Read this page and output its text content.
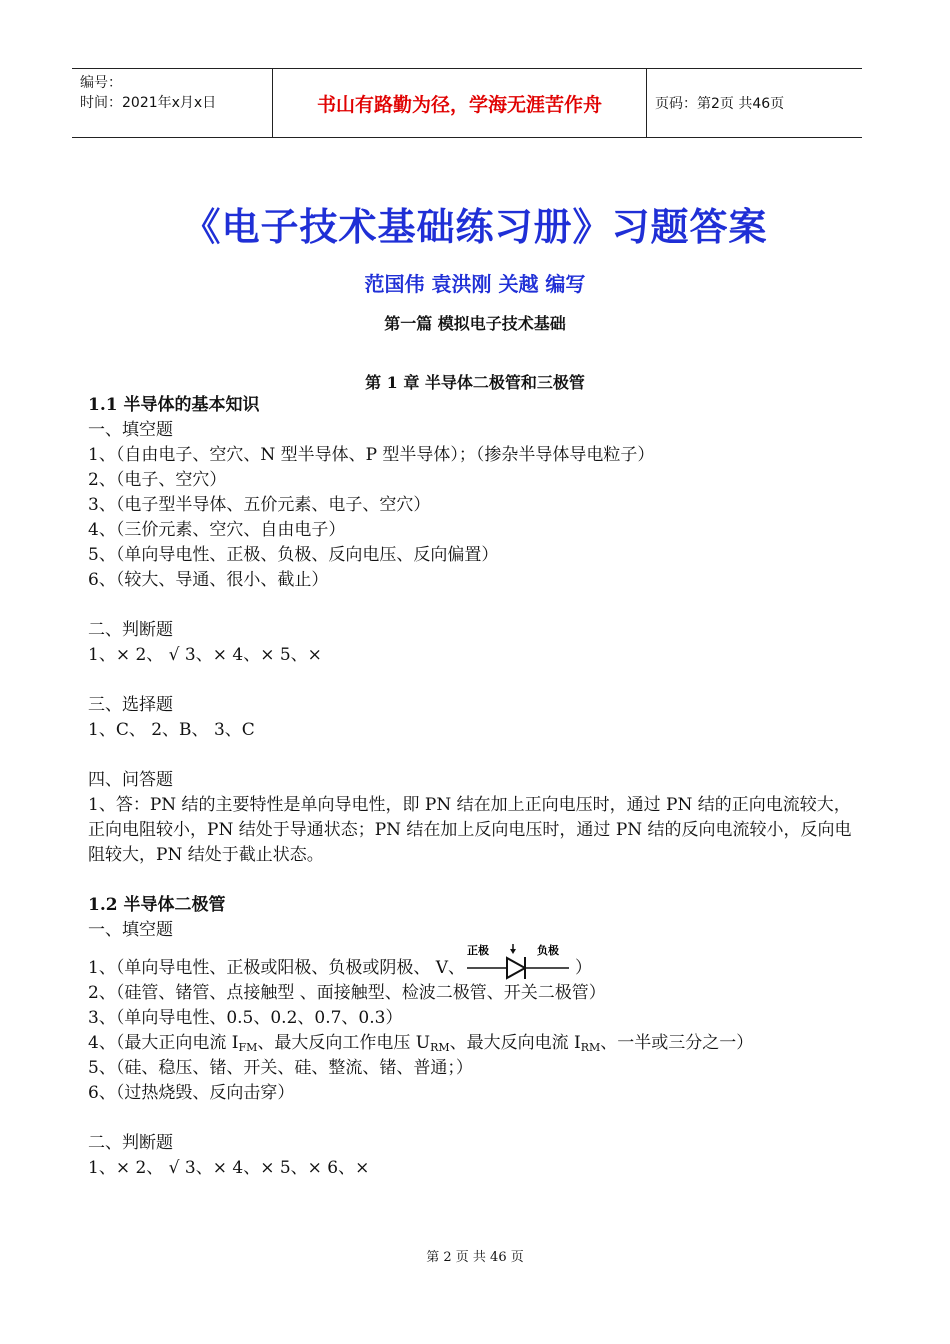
编号：
时间：2021年x月x日	书山有路勤为径，学海无涯苦作舟	页码：第2页 共46页
《电子技术基础练习册》习题答案
范国伟 袁洪刚 关越 编写
第一篇 模拟电子技术基础
第 1 章 半导体二极管和三极管
1.1 半导体的基本知识
一、填空题
1、（自由电子、空穴、N 型半导体、P 型半导体）；（掺杂半导体导电粒子）
2、（电子、空穴）
3、（电子型半导体、五价元素、电子、空穴）
4、（三价元素、空穴、自由电子）
5、（单向导电性、正极、负极、反向电压、反向偏置）
6、（较大、导通、很小、截止）
二、判断题
1、× 2、 √ 3、× 4、× 5、×
三、选择题
1、C、 2、B、 3、C
四、问答题
1、答：PN 结的主要特性是单向导电性，即 PN 结在加上正向电压时，通过 PN 结的正向电流较大，正向电阻较小，PN 结处于导通状态；PN 结在加上反向电压时，通过 PN 结的反向电流较小，反向电阻较大，PN 结处于截止状态。
1.2 半导体二极管
一、填空题
1、（单向导电性、正极或阳极、负极或阴极、 V、
正极	负极
）
2、（硅管、锗管、点接触型 、面接触型、检波二极管、开关二极管）
3、（单向导电性、0.5、0.2、0.7、0.3）
4、（最大正向电流 $I_{FM}$、最大反向工作电压 $U_{RM}$、最大反向电流 $I_{RM}$、一半或三分之一）
5、（硅、稳压、锗、开关、硅、整流、锗、普通；）
6、（过热烧毁、反向击穿）
二、判断题
1、× 2、 √ 3、× 4、× 5、× 6、×
第 2 页 共 46 页
